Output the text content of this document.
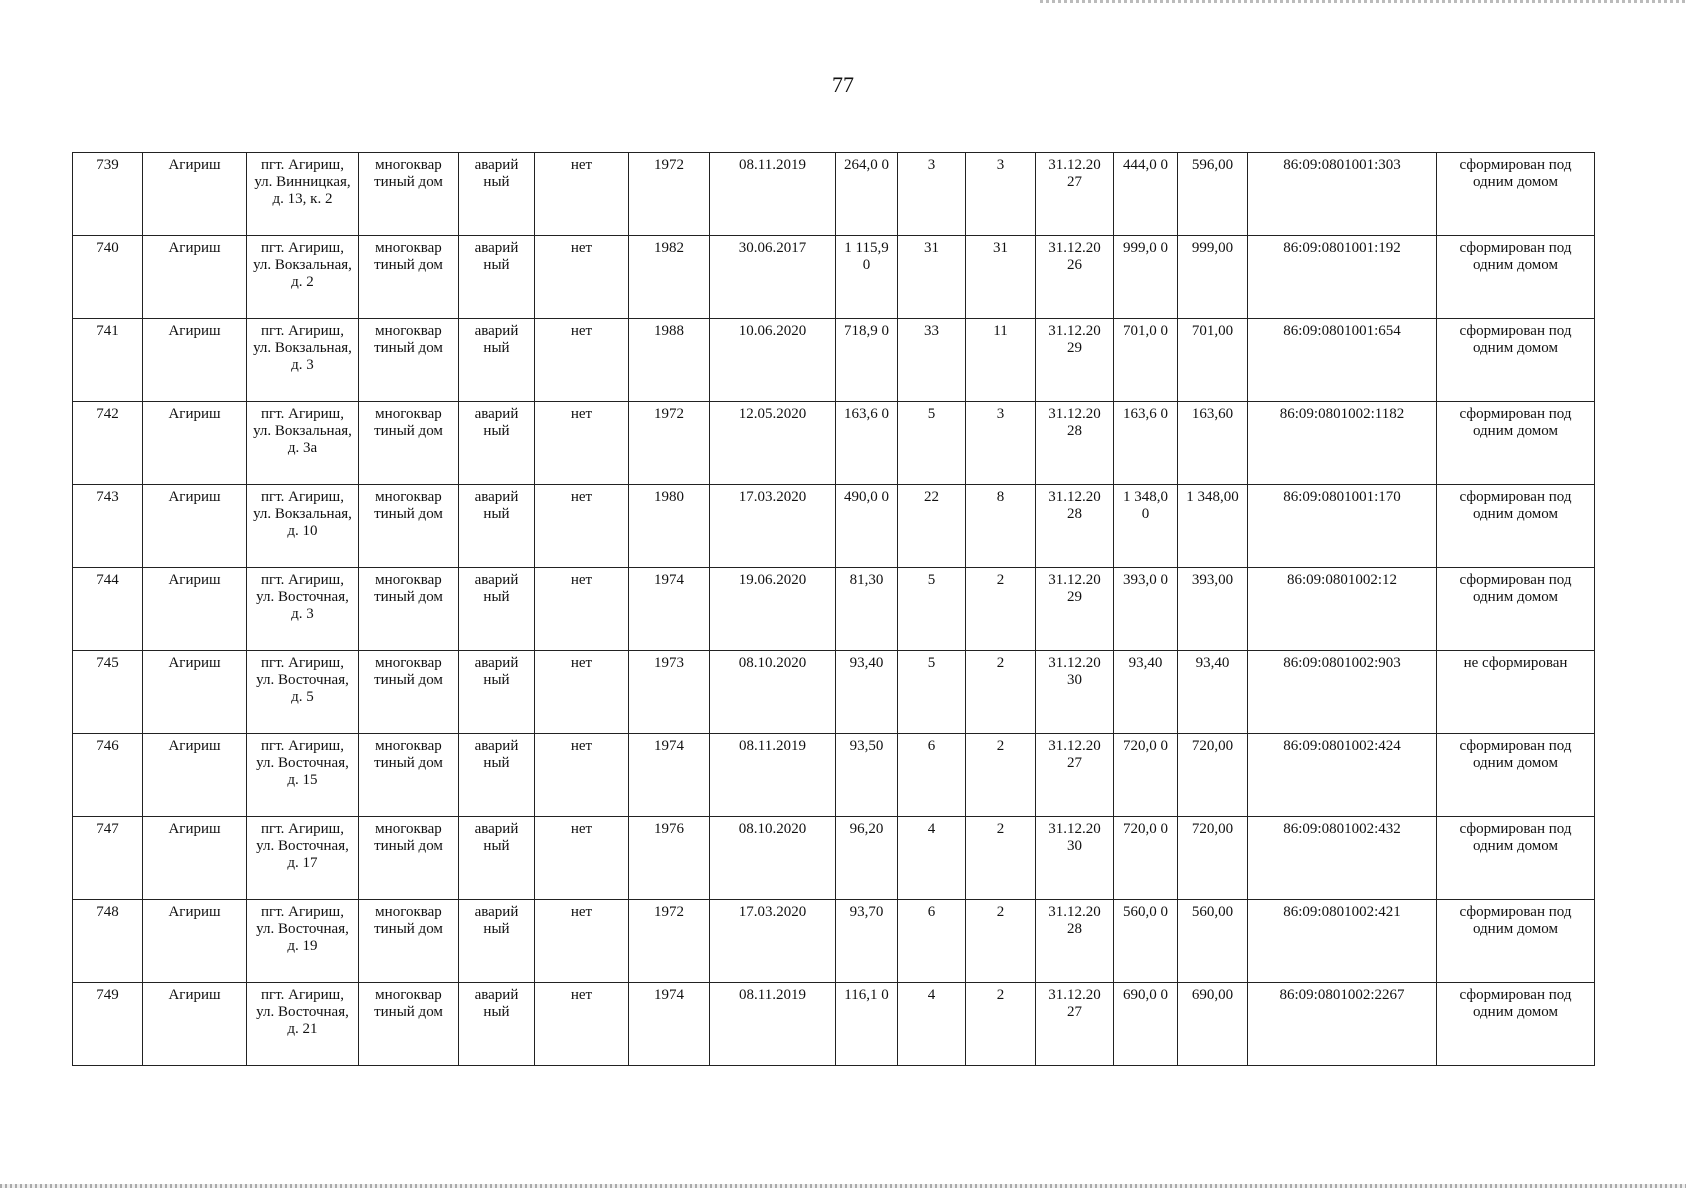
77
739	Агириш	пгт. Агириш, ул. Винницкая, д. 13, к. 2	многоквар тиный дом	аварий ный	нет	1972	08.11.2019	264,0 0	3	3	31.12.20 27	444,0 0	596,00	86:09:0801001:303	сформирован под одним домом
740	Агириш	пгт. Агириш, ул. Вокзальная, д. 2	многоквар тиный дом	аварий ный	нет	1982	30.06.2017	1 115,9 0	31	31	31.12.20 26	999,0 0	999,00	86:09:0801001:192	сформирован под одним домом
741	Агириш	пгт. Агириш, ул. Вокзальная, д. 3	многоквар тиный дом	аварий ный	нет	1988	10.06.2020	718,9 0	33	11	31.12.20 29	701,0 0	701,00	86:09:0801001:654	сформирован под одним домом
742	Агириш	пгт. Агириш, ул. Вокзальная, д. 3а	многоквар тиный дом	аварий ный	нет	1972	12.05.2020	163,6 0	5	3	31.12.20 28	163,6 0	163,60	86:09:0801002:1182	сформирован под одним домом
743	Агириш	пгт. Агириш, ул. Вокзальная, д. 10	многоквар тиный дом	аварий ный	нет	1980	17.03.2020	490,0 0	22	8	31.12.20 28	1 348,0 0	1 348,00	86:09:0801001:170	сформирован под одним домом
744	Агириш	пгт. Агириш, ул. Восточная, д. 3	многоквар тиный дом	аварий ный	нет	1974	19.06.2020	81,30	5	2	31.12.20 29	393,0 0	393,00	86:09:0801002:12	сформирован под одним домом
745	Агириш	пгт. Агириш, ул. Восточная, д. 5	многоквар тиный дом	аварий ный	нет	1973	08.10.2020	93,40	5	2	31.12.20 30	93,40	93,40	86:09:0801002:903	не сформирован
746	Агириш	пгт. Агириш, ул. Восточная, д. 15	многоквар тиный дом	аварий ный	нет	1974	08.11.2019	93,50	6	2	31.12.20 27	720,0 0	720,00	86:09:0801002:424	сформирован под одним домом
747	Агириш	пгт. Агириш, ул. Восточная, д. 17	многоквар тиный дом	аварий ный	нет	1976	08.10.2020	96,20	4	2	31.12.20 30	720,0 0	720,00	86:09:0801002:432	сформирован под одним домом
748	Агириш	пгт. Агириш, ул. Восточная, д. 19	многоквар тиный дом	аварий ный	нет	1972	17.03.2020	93,70	6	2	31.12.20 28	560,0 0	560,00	86:09:0801002:421	сформирован под одним домом
749	Агириш	пгт. Агириш, ул. Восточная, д. 21	многоквар тиный дом	аварий ный	нет	1974	08.11.2019	116,1 0	4	2	31.12.20 27	690,0 0	690,00	86:09:0801002:2267	сформирован под одним домом
